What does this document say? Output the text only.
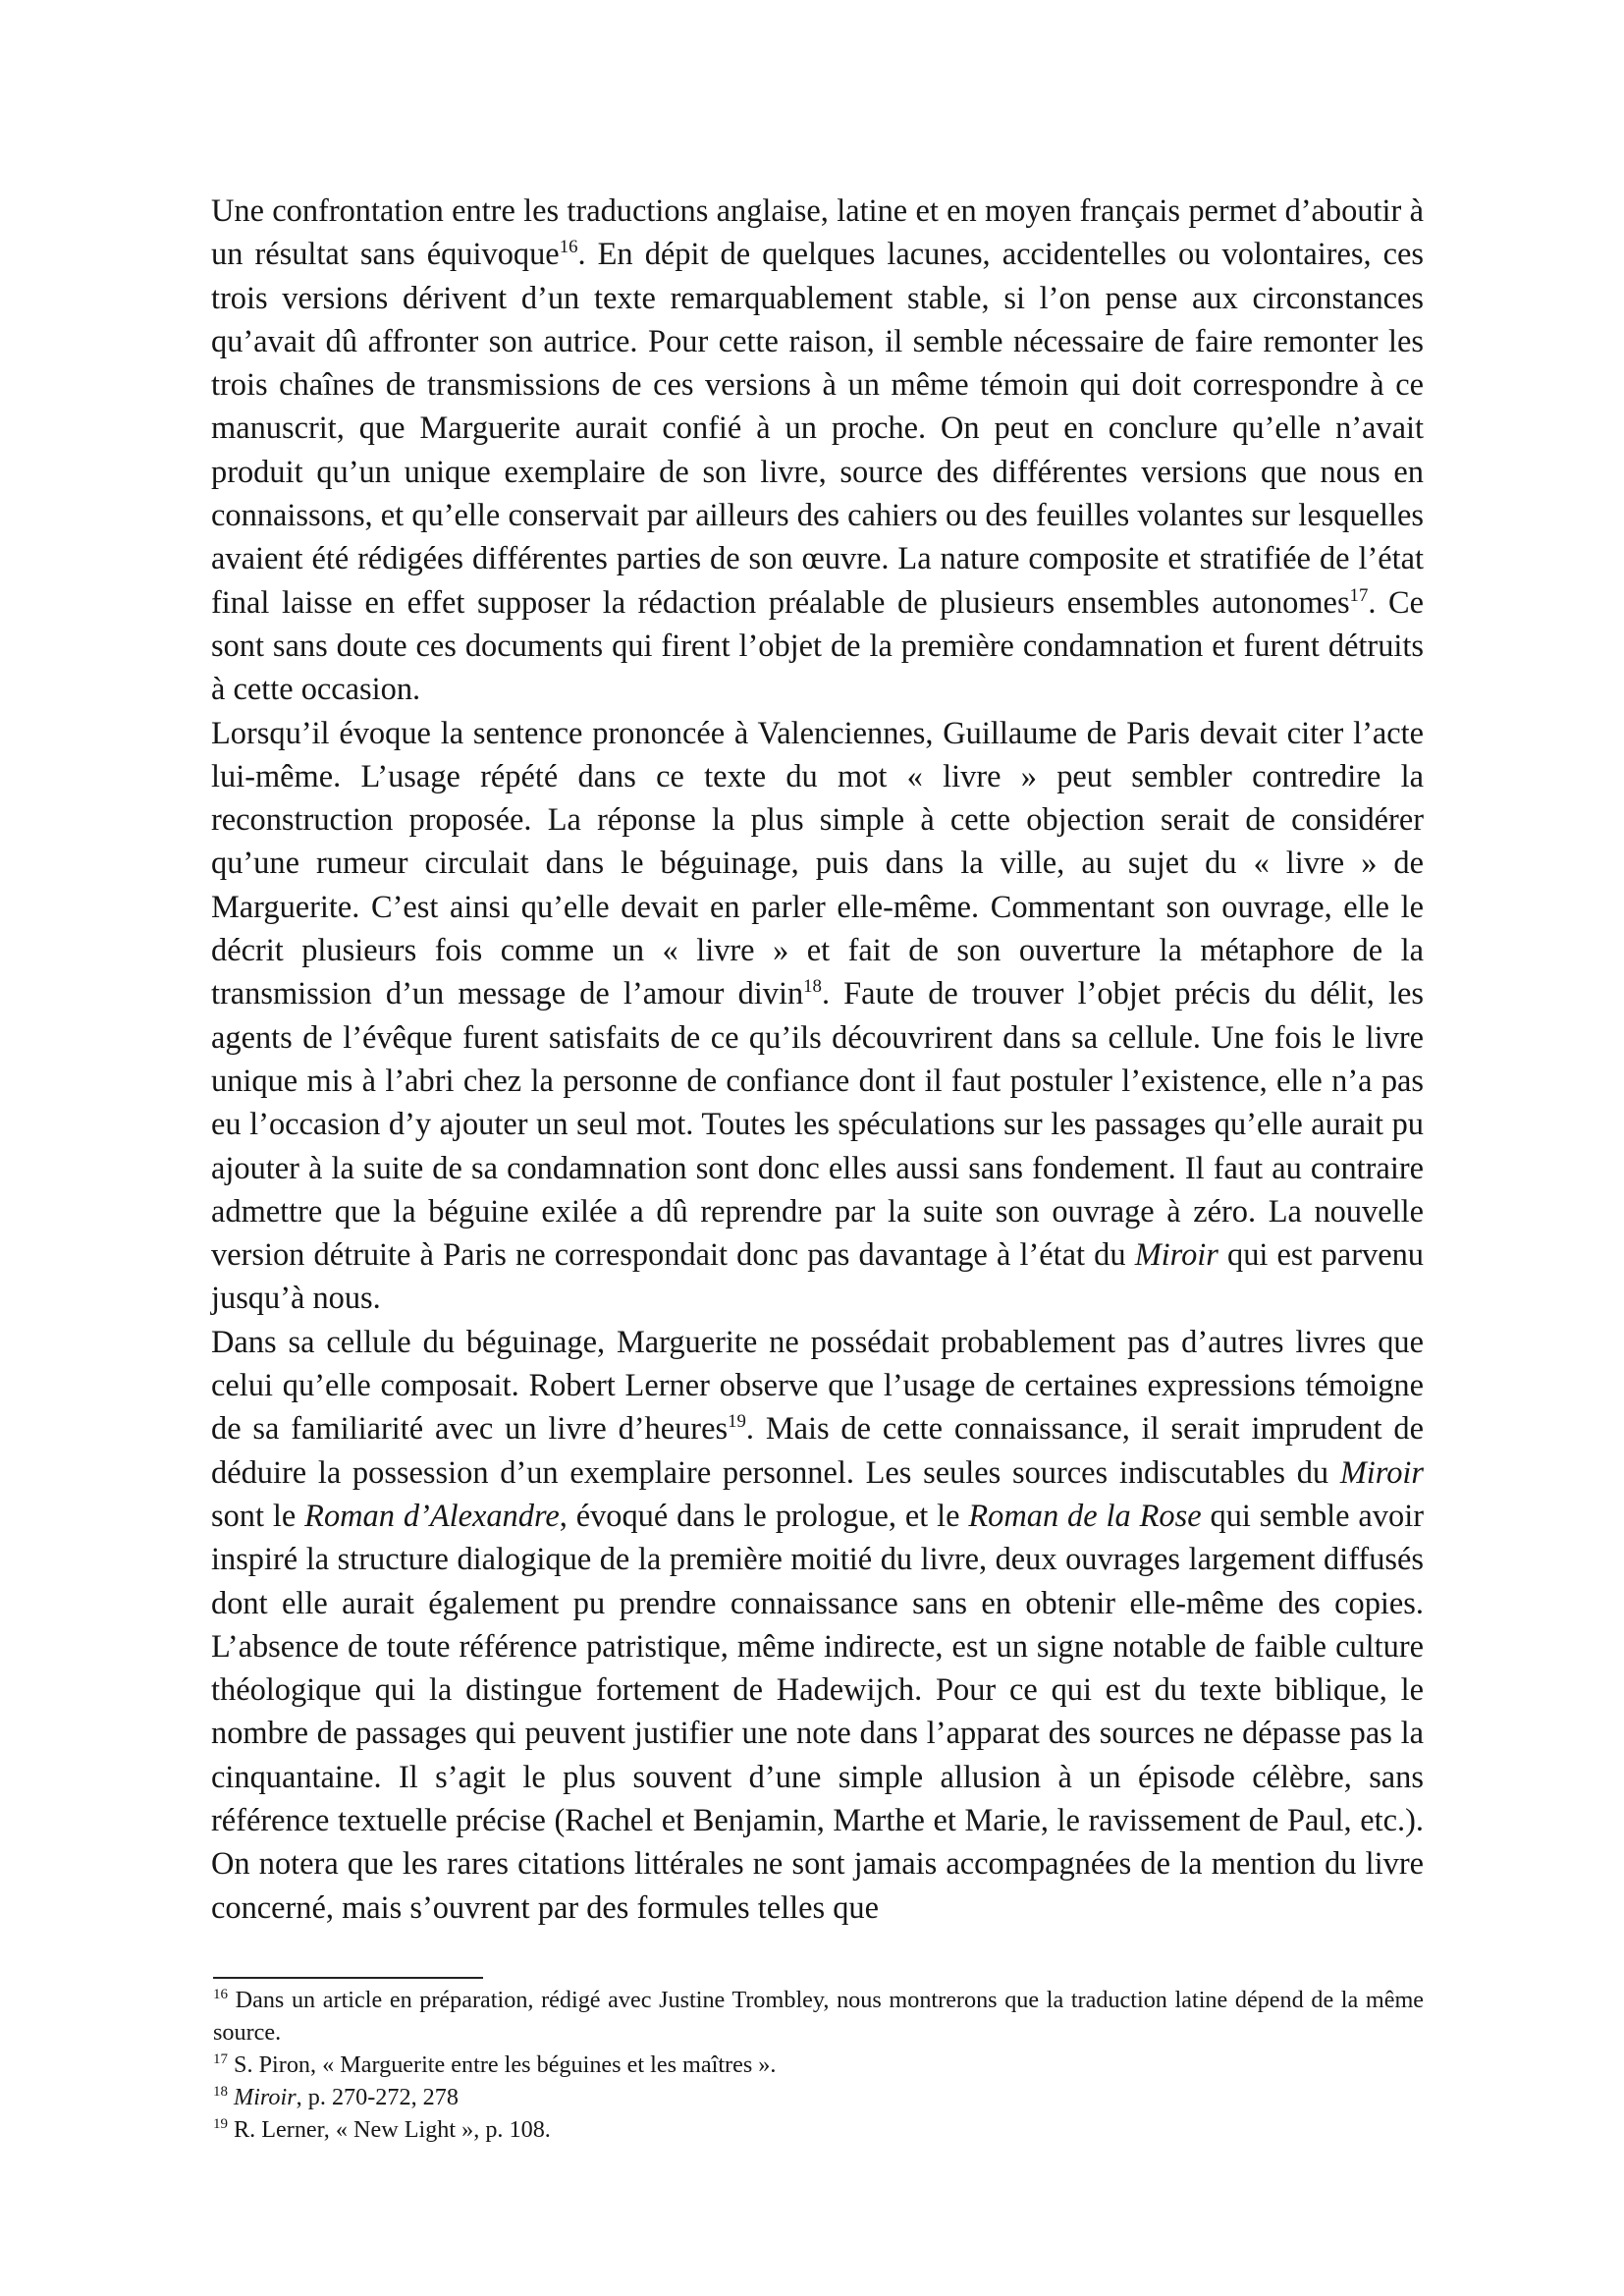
Une confrontation entre les traductions anglaise, latine et en moyen français permet d’aboutir à un résultat sans équivoque$^{16}$. En dépit de quelques lacunes, accidentelles ou volontaires, ces trois versions dérivent d’un texte remarquablement stable, si l’on pense aux circonstances qu’avait dû affronter son autrice. Pour cette raison, il semble nécessaire de faire remonter les trois chaînes de transmissions de ces versions à un même témoin qui doit correspondre à ce manuscrit, que Marguerite aurait confié à un proche. On peut en conclure qu’elle n’avait produit qu’un unique exemplaire de son livre, source des différentes versions que nous en connaissons, et qu’elle conservait par ailleurs des cahiers ou des feuilles volantes sur lesquelles avaient été rédigées différentes parties de son œuvre. La nature composite et stratifiée de l’état final laisse en effet supposer la rédaction préalable de plusieurs ensembles autonomes$^{17}$. Ce sont sans doute ces documents qui firent l’objet de la première condamnation et furent détruits à cette occasion.

Lorsqu’il évoque la sentence prononcée à Valenciennes, Guillaume de Paris devait citer l’acte lui-même. L’usage répété dans ce texte du mot « livre » peut sembler contredire la reconstruction proposée. La réponse la plus simple à cette objection serait de considérer qu’une rumeur circulait dans le béguinage, puis dans la ville, au sujet du « livre » de Marguerite. C’est ainsi qu’elle devait en parler elle-même. Commentant son ouvrage, elle le décrit plusieurs fois comme un « livre » et fait de son ouverture la métaphore de la transmission d’un message de l’amour divin$^{18}$. Faute de trouver l’objet précis du délit, les agents de l’évêque furent satisfaits de ce qu’ils découvrirent dans sa cellule. Une fois le livre unique mis à l’abri chez la personne de confiance dont il faut postuler l’existence, elle n’a pas eu l’occasion d’y ajouter un seul mot. Toutes les spéculations sur les passages qu’elle aurait pu ajouter à la suite de sa condamnation sont donc elles aussi sans fondement. Il faut au contraire admettre que la béguine exilée a dû reprendre par la suite son ouvrage à zéro. La nouvelle version détruite à Paris ne correspondait donc pas davantage à l’état du Miroir qui est parvenu jusqu’à nous.

Dans sa cellule du béguinage, Marguerite ne possédait probablement pas d’autres livres que celui qu’elle composait. Robert Lerner observe que l’usage de certaines expressions témoigne de sa familiarité avec un livre d’heures$^{19}$. Mais de cette connaissance, il serait imprudent de déduire la possession d’un exemplaire personnel. Les seules sources indiscutables du Miroir sont le Roman d’Alexandre, évoqué dans le prologue, et le Roman de la Rose qui semble avoir inspiré la structure dialogique de la première moitié du livre, deux ouvrages largement diffusés dont elle aurait également pu prendre connaissance sans en obtenir elle-même des copies. L’absence de toute référence patristique, même indirecte, est un signe notable de faible culture théologique qui la distingue fortement de Hadewijch. Pour ce qui est du texte biblique, le nombre de passages qui peuvent justifier une note dans l’apparat des sources ne dépasse pas la cinquantaine. Il s’agit le plus souvent d’une simple allusion à un épisode célèbre, sans référence textuelle précise (Rachel et Benjamin, Marthe et Marie, le ravissement de Paul, etc.). On notera que les rares citations littérales ne sont jamais accompagnées de la mention du livre concerné, mais s’ouvrent par des formules telles que

$^{16}$ Dans un article en préparation, rédigé avec Justine Trombley, nous montrerons que la traduction latine dépend de la même source.

$^{17}$ S. Piron, « Marguerite entre les béguines et les maîtres ».

$^{18}$ Miroir, p. 270-272, 278

$^{19}$ R. Lerner, « New Light », p. 108.
